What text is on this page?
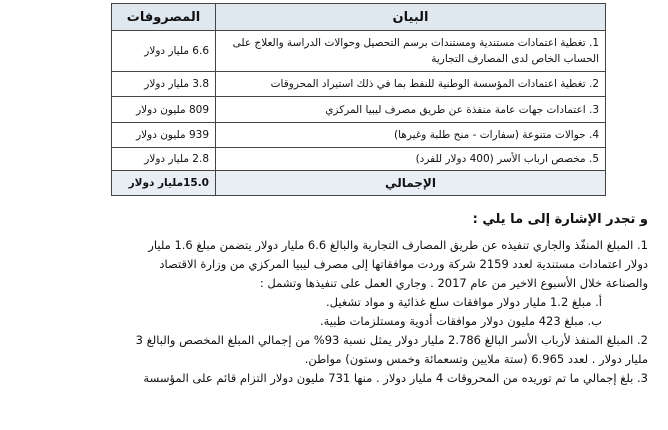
البيان	المصروفات
1. تغطية اعتمادات مستندية ومستندات برسم التحصيل وحوالات الدراسة والعلاج على الحساب الخاص لدى المصارف التجارية	6.6 مليار دولار
2. تغطية اعتمادات المؤسسة الوطنية للنفط بما في ذلك استيراد المحروقات	3.8 مليار دولار
3. اعتمادات جهات عامة منفذة عن طريق مصرف ليبيا المركزي	809 مليون دولار
4. حوالات متنوعة (سفارات - منح طلبة وغيرها)	939 مليون دولار
5. مخصص ارباب الأسر (400 دولار للفرد)	2.8 مليار دولار
الإجمالي	15.0مليار دولار
و تجدر الإشارة إلى ما يلي :
1. المبلغ المنفّذ والجاري تنفيذه عن طريق المصارف التجارية والبالغ 6.6 مليار دولار يتضمن مبلغ 1.6 مليار
دولار اعتمادات مستندية لعدد 2159 شركة وردت موافقاتها إلى مصرف ليبيا المركزي من وزارة الاقتصاد
والصناعة خلال الأسبوع الاخير من عام 2017 . وجاري العمل على تنفيذها وتشمل :
أ. مبلغ 1.2 مليار دولار موافقات سلع غذائية و مواد تشغيل.
ب. مبلغ 423 مليون دولار موافقات أدوية ومستلزمات طبية.
2. المبلغ المنفذ لأرباب الأسر البالغ 2.786 مليار دولار يمثل نسبة 93% من إجمالي المبلغ المخصص والبالغ 3
مليار دولار . لعدد 6.965 (ستة ملايين وتسعمائة وخمس وستون) مواطن.
3. بلغ إجمالي ما تم توريده من المحروقات 4 مليار دولار . منها 731 مليون دولار التزام قائم على المؤسسة
